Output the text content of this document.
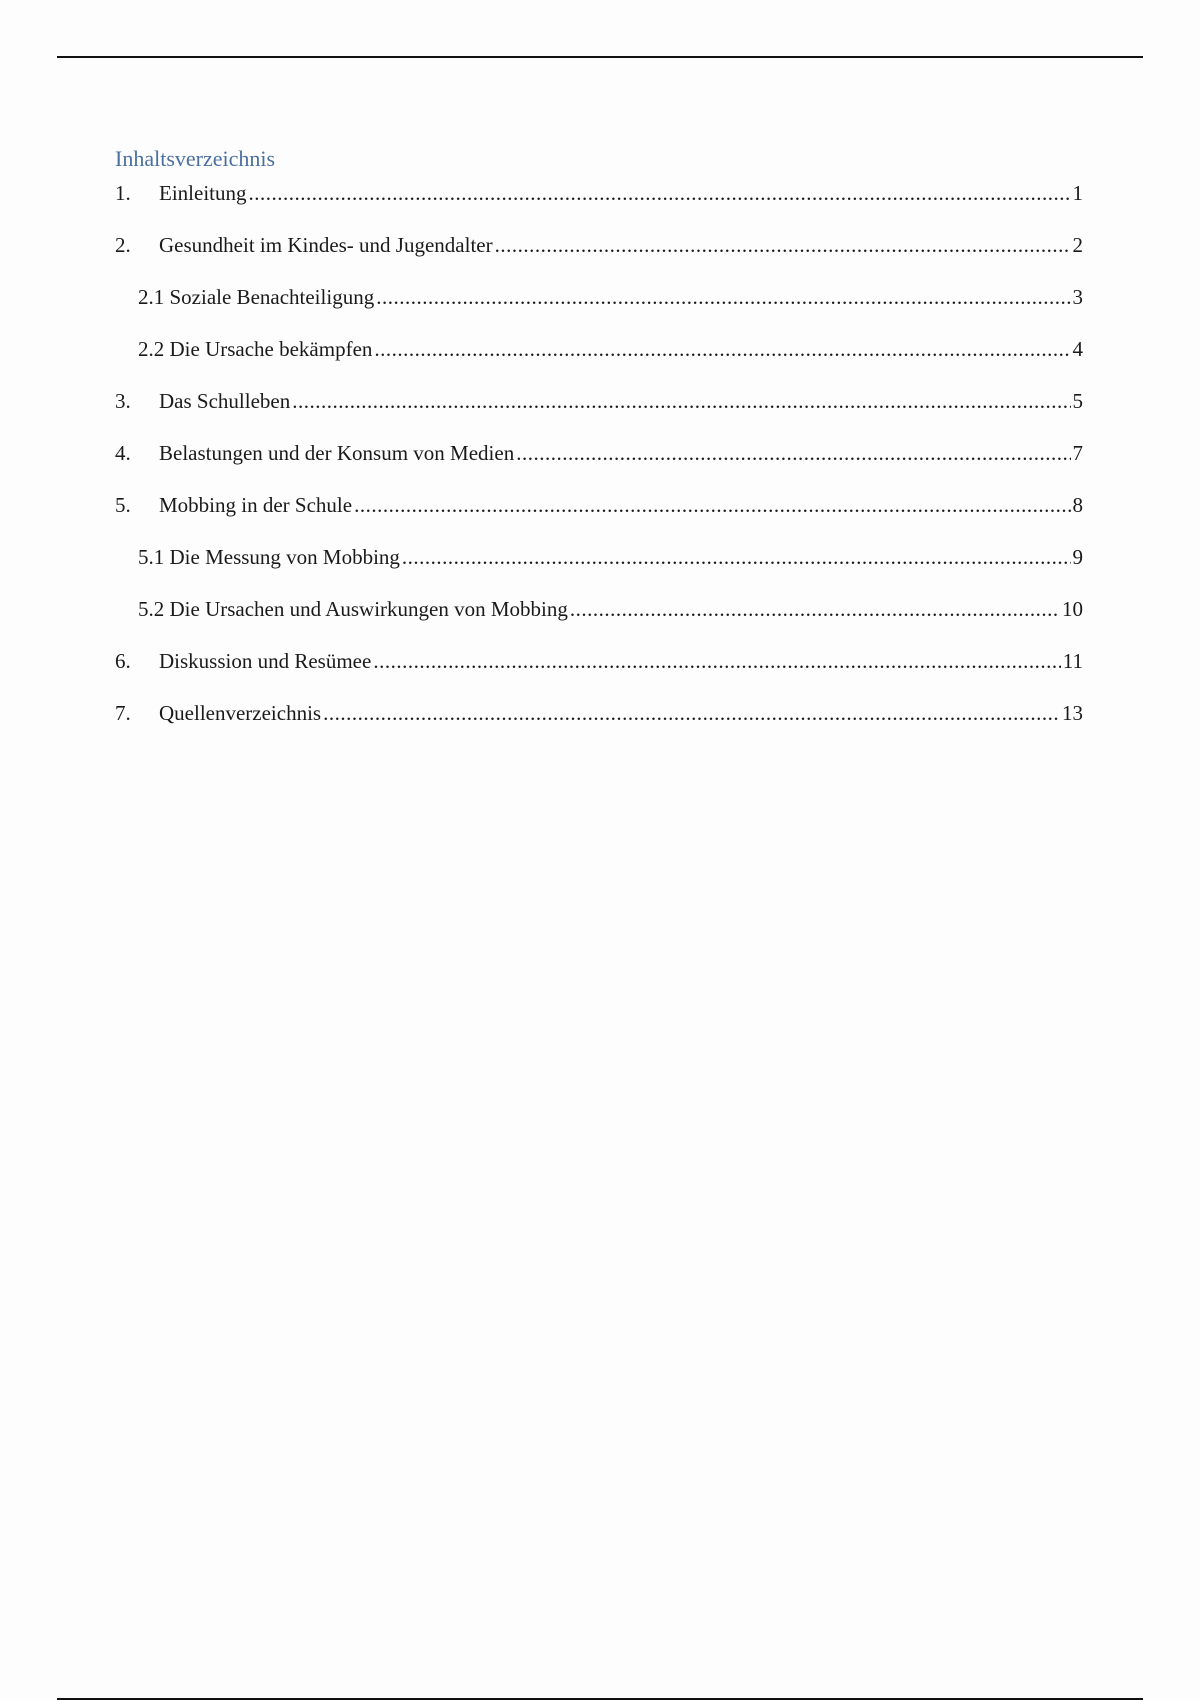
Inhaltsverzeichnis
1.	Einleitung .....	1
2.	Gesundheit im Kindes- und Jugendalter .....	2
2.1 Soziale Benachteiligung .....	3
2.2 Die Ursache bekämpfen .....	4
3.	Das Schulleben .....	5
4.	Belastungen und der Konsum von Medien .....	7
5.	Mobbing in der Schule .....	8
5.1 Die Messung von Mobbing .....	9
5.2 Die Ursachen und Auswirkungen von Mobbing .....	10
6.	Diskussion und Resümee .....	11
7.	Quellenverzeichnis .....	13
